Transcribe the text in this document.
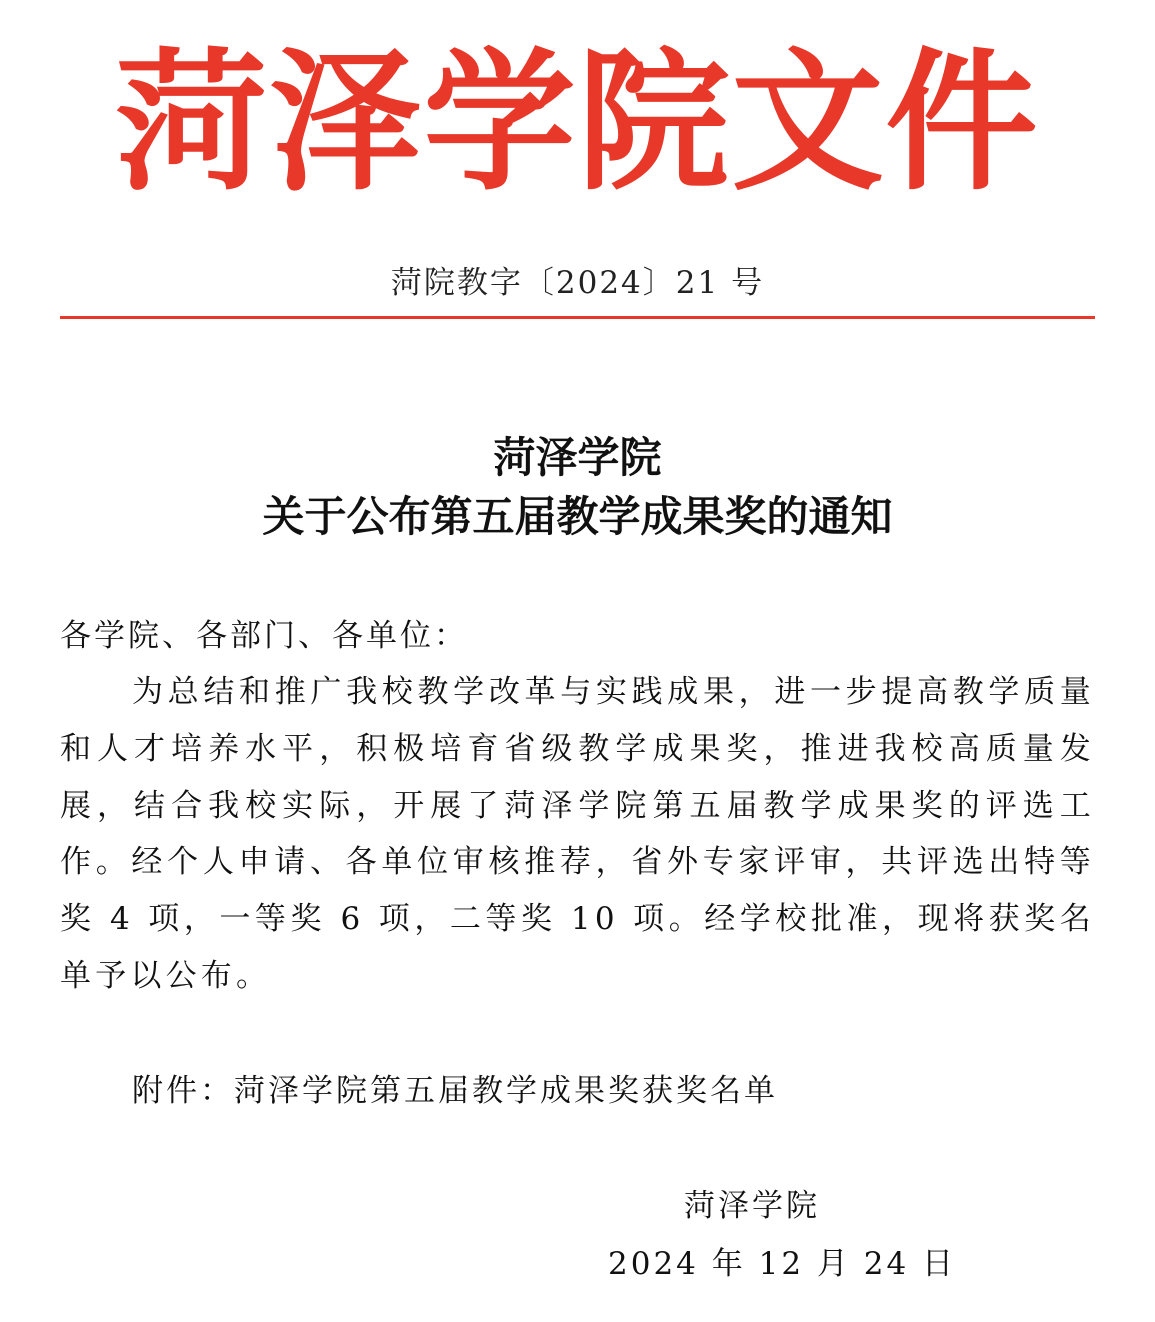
菏泽学院文件
菏院教字〔2024〕21 号
菏泽学院
关于公布第五届教学成果奖的通知
各学院、各部门、各单位：

为总结和推广我校教学改革与实践成果，进一步提高教学质量和人才培养水平，积极培育省级教学成果奖，推进我校高质量发展，结合我校实际，开展了菏泽学院第五届教学成果奖的评选工作。经个人申请、各单位审核推荐，省外专家评审，共评选出特等奖 4 项，一等奖 6 项，二等奖 10 项。经学校批准，现将获奖名单予以公布。

附件：菏泽学院第五届教学成果奖获奖名单
菏泽学院
2024 年 12 月 24 日
